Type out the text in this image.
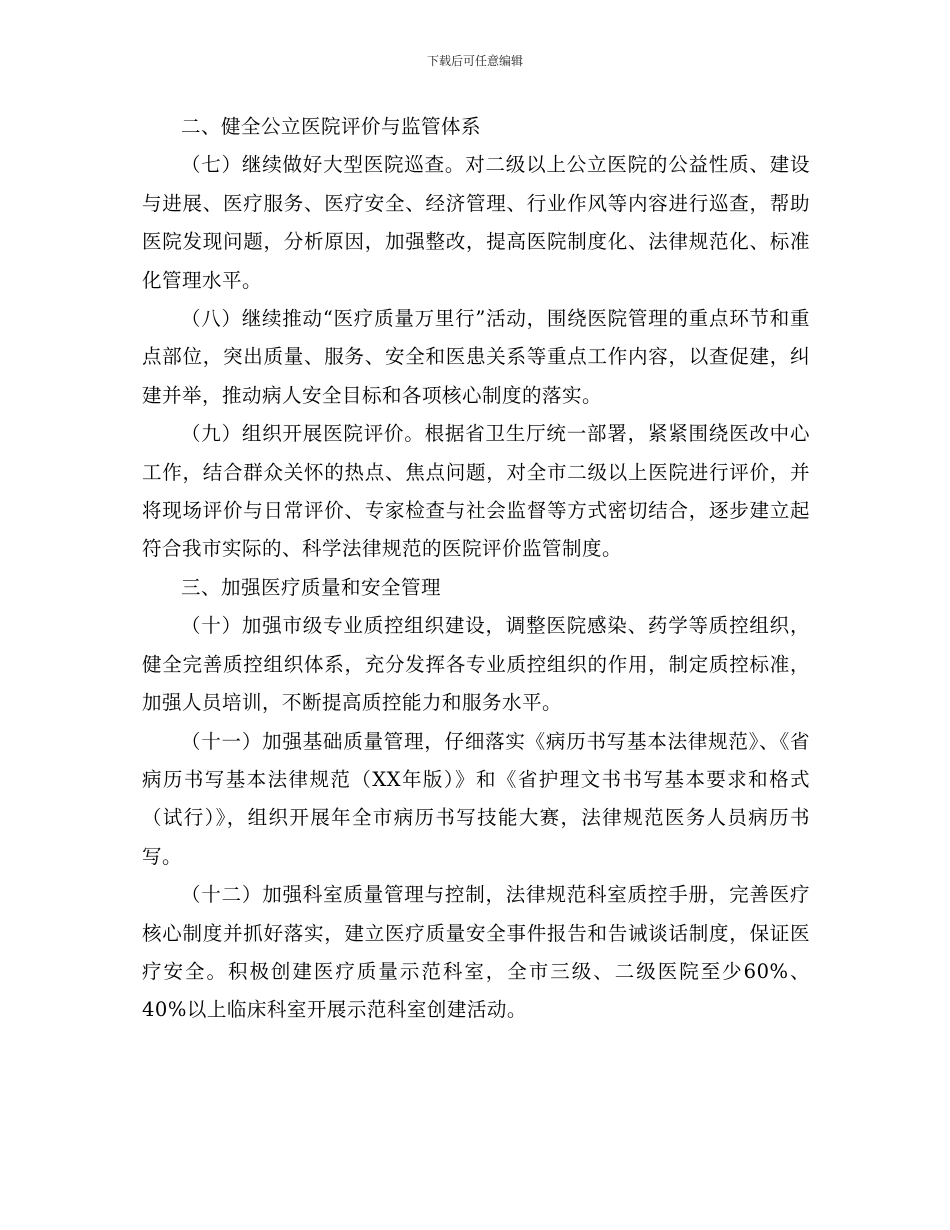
下载后可任意编辑

二、健全公立医院评价与监管体系

（七）继续做好大型医院巡查。对二级以上公立医院的公益性质、建设与进展、医疗服务、医疗安全、经济管理、行业作风等内容进行巡查，帮助医院发现问题，分析原因，加强整改，提高医院制度化、法律规范化、标准化管理水平。

（八）继续推动“医疗质量万里行”活动，围绕医院管理的重点环节和重点部位，突出质量、服务、安全和医患关系等重点工作内容，以查促建，纠建并举，推动病人安全目标和各项核心制度的落实。

（九）组织开展医院评价。根据省卫生厅统一部署，紧紧围绕医改中心工作，结合群众关怀的热点、焦点问题，对全市二级以上医院进行评价，并将现场评价与日常评价、专家检查与社会监督等方式密切结合，逐步建立起符合我市实际的、科学法律规范的医院评价监管制度。

三、加强医疗质量和安全管理

（十）加强市级专业质控组织建设，调整医院感染、药学等质控组织，健全完善质控组织体系，充分发挥各专业质控组织的作用，制定质控标准，加强人员培训，不断提高质控能力和服务水平。

（十一）加强基础质量管理，仔细落实《病历书写基本法律规范》、《省病历书写基本法律规范（XX年版）》和《省护理文书书写基本要求和格式（试行）》，组织开展年全市病历书写技能大赛，法律规范医务人员病历书写。

（十二）加强科室质量管理与控制，法律规范科室质控手册，完善医疗核心制度并抓好落实，建立医疗质量安全事件报告和告诫谈话制度，保证医疗安全。积极创建医疗质量示范科室，全市三级、二级医院至少60%、40%以上临床科室开展示范科室创建活动。
